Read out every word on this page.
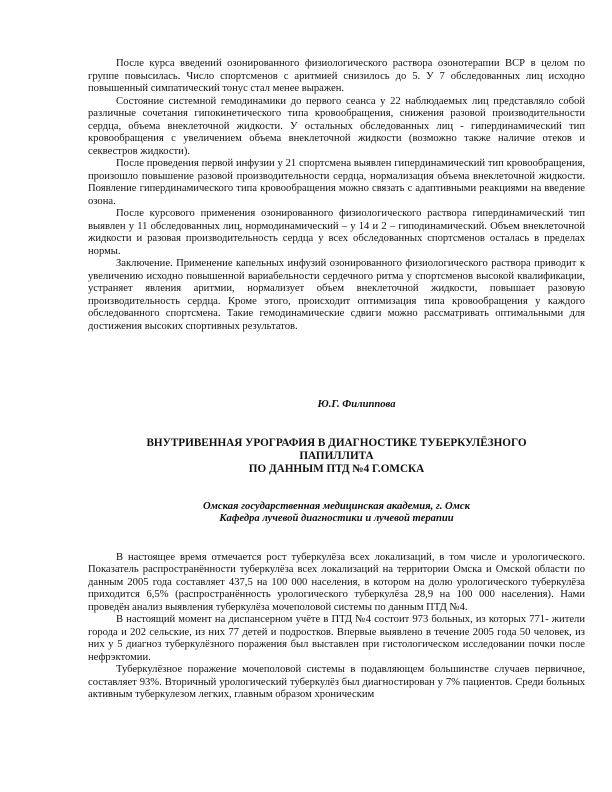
После курса введений озонированного физиологического раствора озонотерапии ВСР в целом по группе повысилась. Число спортсменов с аритмией снизилось до 5. У 7 обследованных лиц исходно повышенный симпатический тонус стал менее выражен.

Состояние системной гемодинамики до первого сеанса у 22 наблюдаемых лиц представляло собой различные сочетания гипокинетического типа кровообращения, снижения разовой производительности сердца, объема внеклеточной жидкости. У остальных обследованных лиц - гипердинамический тип кровообращения с увеличением объема внеклеточной жидкости (возможно также наличие отеков и секвестров жидкости).

После проведения первой инфузии у 21 спортсмена выявлен гипердинамический тип кровообращения, произошло повышение разовой производительности сердца, нормализация объема внеклеточной жидкости. Появление гипердинамического типа кровообращения можно связать с адаптивными реакциями на введение озона.

После курсового применения озонированного физиологического раствора гипердинамический тип выявлен у 11 обследованных лиц, нормодинамический – у 14 и 2 – гиподинамический. Объем внеклеточной жидкости и разовая производительность сердца у всех обследованных спортсменов осталась в пределах нормы.

Заключение. Применение капельных инфузий озонированного физиологического раствора приводит к увеличению исходно повышенной вариабельности сердечного ритма у спортсменов высокой квалификации, устраняет явления аритмии, нормализует объем внеклеточной жидкости, повышает разовую производительность сердца. Кроме этого, происходит оптимизация типа кровообращения у каждого обследованного спортсмена. Такие гемодинамические сдвиги можно рассматривать оптимальными для достижения высоких спортивных результатов.

Ю.Г. Филиппова

ВНУТРИВЕННАЯ УРОГРАФИЯ В ДИАГНОСТИКЕ ТУБЕРКУЛЁЗНОГО
ПАПИЛЛИТА
ПО ДАННЫМ ПТД №4 Г.ОМСКА
Омская государственная медицинская академия, г. Омск
Кафедра лучевой диагностики и лучевой терапии

В настоящее время отмечается рост туберкулёза всех локализаций, в том числе и урологического. Показатель распространённости туберкулёза всех локализаций на территории Омска и Омской области по данным 2005 года составляет 437,5 на 100 000 населения, в котором на долю урологического туберкулёза приходится 6,5% (распространённость урологического туберкулёза 28,9 на 100 000 населения). Нами проведён анализ выявления туберкулёза мочеполовой системы по данным ПТД №4.

В настоящий момент на диспансерном учёте в ПТД №4 состоит 973 больных, из которых 771- жители города и 202 сельские, из них 77 детей и подростков. Впервые выявлено в течение 2005 года 50 человек, из них у 5 диагноз туберкулёзного поражения был выставлен при гистологическом исследовании почки после нефрэктомии.

Туберкулёзное поражение мочеполовой системы в подавляющем большинстве случаев первичное, составляет 93%. Вторичный урологический туберкулёз был диагностирован у 7% пациентов. Среди больных активным туберкулезом легких, главным образом хроническим
